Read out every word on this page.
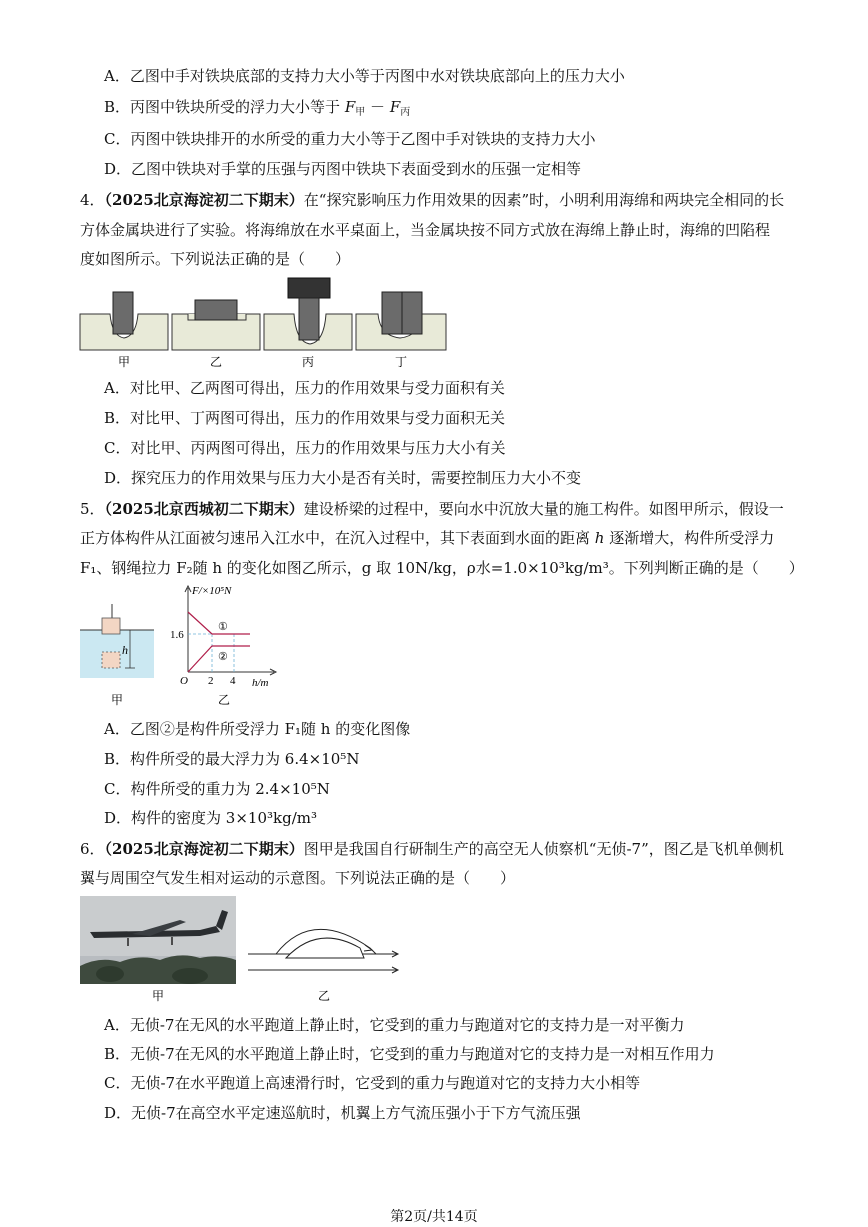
A．乙图中手对铁块底部的支持力大小等于丙图中水对铁块底部向上的压力大小
B．丙图中铁块所受的浮力大小等于 $F_甲 - F_丙$
C．丙图中铁块排开的水所受的重力大小等于乙图中手对铁块的支持力大小
D．乙图中铁块对手掌的压强与丙图中铁块下表面受到水的压强一定相等
4．（2025北京海淀初二下期末）在“探究影响压力作用效果的因素”时，小明利用海绵和两块完全相同的长
方体金属块进行了实验。将海绵放在水平桌面上，当金属块按不同方式放在海绵上静止时，海绵的凹陷程
度如图所示。下列说法正确的是（　　）
甲	乙	丙	丁
A．对比甲、乙两图可得出，压力的作用效果与受力面积有关
B．对比甲、丁两图可得出，压力的作用效果与受力面积无关
C．对比甲、丙两图可得出，压力的作用效果与压力大小有关
D．探究压力的作用效果与压力大小是否有关时，需要控制压力大小不变
5．（2025北京西城初二下期末）建设桥梁的过程中，要向水中沉放大量的施工构件。如图甲所示，假设一
正方体构件从江面被匀速吊入江水中，在沉入过程中，其下表面到水面的距离 h 逐渐增大，构件所受浮力
F₁、钢绳拉力 F₂随 h 的变化如图乙所示，g 取 10N/kg，ρ水=1.0×10³kg/m³。下列判断正确的是（　　）
h
甲
F/×10⁵N
h/m
O
1.6
2 4
①
②
乙
A．乙图②是构件所受浮力 F₁随 h 的变化图像
B．构件所受的最大浮力为 6.4×10⁵N
C．构件所受的重力为 2.4×10⁵N
D．构件的密度为 3×10³kg/m³
6．（2025北京海淀初二下期末）图甲是我国自行研制生产的高空无人侦察机“无侦-7”，图乙是飞机单侧机
翼与周围空气发生相对运动的示意图。下列说法正确的是（　　）
甲	乙
A．无侦-7在无风的水平跑道上静止时，它受到的重力与跑道对它的支持力是一对平衡力
B．无侦-7在无风的水平跑道上静止时，它受到的重力与跑道对它的支持力是一对相互作用力
C．无侦-7在水平跑道上高速滑行时，它受到的重力与跑道对它的支持力大小相等
D．无侦-7在高空水平定速巡航时，机翼上方气流压强小于下方气流压强
第2页/共14页
